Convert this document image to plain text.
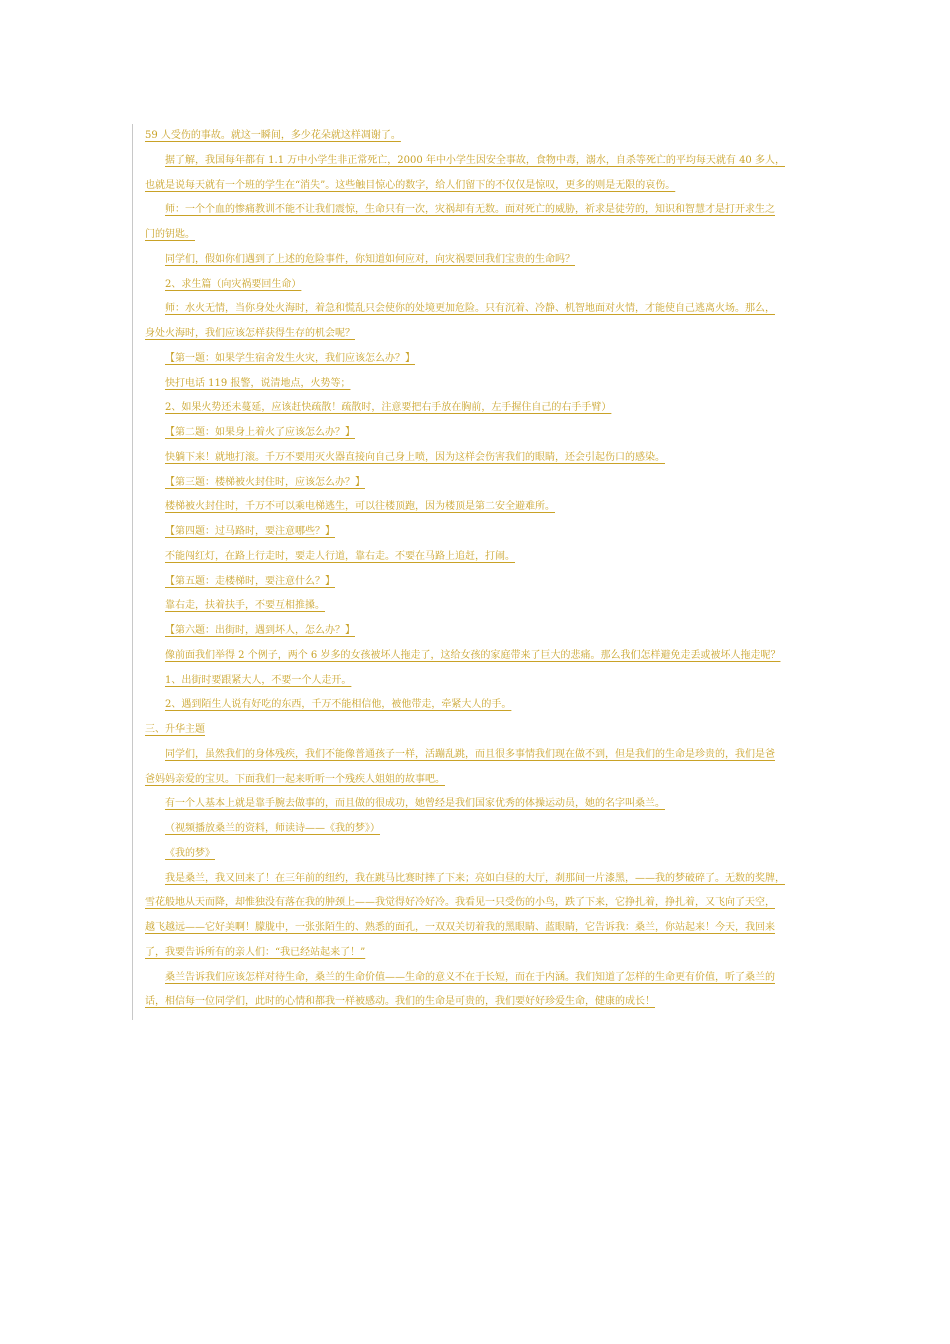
59 人受伤的事故。就这一瞬间，多少花朵就这样凋谢了。
据了解，我国每年都有 1.1 万中小学生非正常死亡，2000 年中小学生因安全事故，食物中毒，溺水，自杀等死亡的平均每天就有 40 多人，
也就是说每天就有一个班的学生在“消失”。这些触目惊心的数字，给人们留下的不仅仅是惊叹，更多的则是无限的哀伤。
师：一个个血的惨痛教训不能不让我们震惊，生命只有一次，灾祸却有无数。面对死亡的威胁，祈求是徒劳的，知识和智慧才是打开求生之
门的钥匙。
同学们，假如你们遇到了上述的危险事件，你知道如何应对，向灾祸要回我们宝贵的生命吗？
2、求生篇（向灾祸要回生命）
师：水火无情，当你身处火海时，着急和慌乱只会使你的处境更加危险。只有沉着、冷静、机智地面对火情，才能使自己逃离火场。那么，
身处火海时，我们应该怎样获得生存的机会呢？
【第一题：如果学生宿舍发生火灾，我们应该怎么办？】
快打电话 119 报警，说清地点，火势等；
2、如果火势还未蔓延，应该赶快疏散！疏散时，注意要把右手放在胸前，左手握住自己的右手手臂）
【第二题：如果身上着火了应该怎么办？】
快躺下来！就地打滚。千万不要用灭火器直接向自己身上喷，因为这样会伤害我们的眼睛，还会引起伤口的感染。
【第三题：楼梯被火封住时，应该怎么办？】
楼梯被火封住时，千万不可以乘电梯逃生，可以往楼顶跑，因为楼顶是第二安全避难所。
【第四题：过马路时，要注意哪些？】
不能闯红灯，在路上行走时，要走人行道，靠右走。不要在马路上追赶，打闹。
【第五题：走楼梯时，要注意什么？】
靠右走，扶着扶手，不要互相推搡。
【第六题：出街时，遇到坏人，怎么办？】
像前面我们举得 2 个例子，两个 6 岁多的女孩被坏人拖走了，这给女孩的家庭带来了巨大的悲痛。那么我们怎样避免走丢或被坏人拖走呢？
1、出街时要跟紧大人，不要一个人走开。
2、遇到陌生人说有好吃的东西，千万不能相信他，被他带走，牵紧大人的手。
三、升华主题
同学们，虽然我们的身体残疾，我们不能像普通孩子一样，活蹦乱跳，而且很多事情我们现在做不到，但是我们的生命是珍贵的，我们是爸
爸妈妈亲爱的宝贝。下面我们一起来听听一个残疾人姐姐的故事吧。
有一个人基本上就是靠手腕去做事的，而且做的很成功，她曾经是我们国家优秀的体操运动员，她的名字叫桑兰。
（视频播放桑兰的资料，师读诗——《我的梦》）
《我的梦》
我是桑兰，我又回来了！在三年前的纽约，我在跳马比赛时摔了下来；亮如白昼的大厅，刹那间一片漆黑，——我的梦破碎了。无数的奖牌，
雪花般地从天而降，却惟独没有落在我的肿颈上——我觉得好冷好冷。我看见一只受伤的小鸟，跌了下来，它挣扎着，挣扎着，又飞向了天空，
越飞越远——它好美啊！朦胧中，一张张陌生的、熟悉的面孔，一双双关切着我的黑眼睛、蓝眼睛，它告诉我：桑兰，你站起来！今天，我回来
了，我要告诉所有的亲人们：“我已经站起来了！”
桑兰告诉我们应该怎样对待生命，桑兰的生命价值——生命的意义不在于长短，而在于内涵。我们知道了怎样的生命更有价值，听了桑兰的
话，相信每一位同学们，此时的心情和都我一样被感动。我们的生命是可贵的，我们要好好珍爱生命，健康的成长！
